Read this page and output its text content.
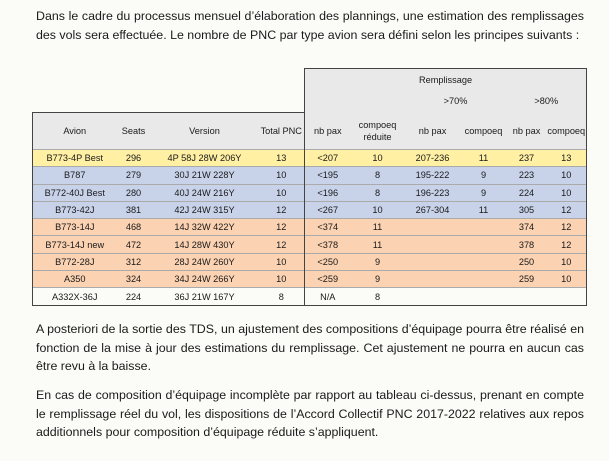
Dans le cadre du processus mensuel d’élaboration des plannings, une estimation des remplissages des vols sera effectuée. Le nombre de PNC par type avion sera défini selon les principes suivants :

				Remplissage					
						>70%		>80%	
Avion	Seats	Version	Total PNC	nb pax	compoeq réduite	nb pax	compoeq	nb pax	compoeq
B773-4P Best	296	4P 58J 28W 206Y	13	<207	10	207-236	11	237	13
B787	279	30J 21W 228Y	10	<195	8	195-222	9	223	10
B772-40J Best	280	40J 24W 216Y	10	<196	8	196-223	9	224	10
B773-42J	381	42J 24W 315Y	12	<267	10	267-304	11	305	12
B773-14J	468	14J 32W 422Y	12	<374	11			374	12
B773-14J new	472	14J 28W 430Y	12	<378	11			378	12
B772-28J	312	28J 24W 260Y	10	<250	9			250	10
A350	324	34J 24W 266Y	10	<259	9			259	10
A332X-36J	224	36J 21W 167Y	8	N/A	8				

A posteriori de la sortie des TDS, un ajustement des compositions d’équipage pourra être réalisé en fonction de la mise à jour des estimations du remplissage. Cet ajustement ne pourra en aucun cas être revu à la baisse.

En cas de composition d’équipage incomplète par rapport au tableau ci-dessus, prenant en compte le remplissage réel du vol, les dispositions de l’Accord Collectif PNC 2017-2022 relatives aux repos additionnels pour composition d’équipage réduite s’appliquent.
